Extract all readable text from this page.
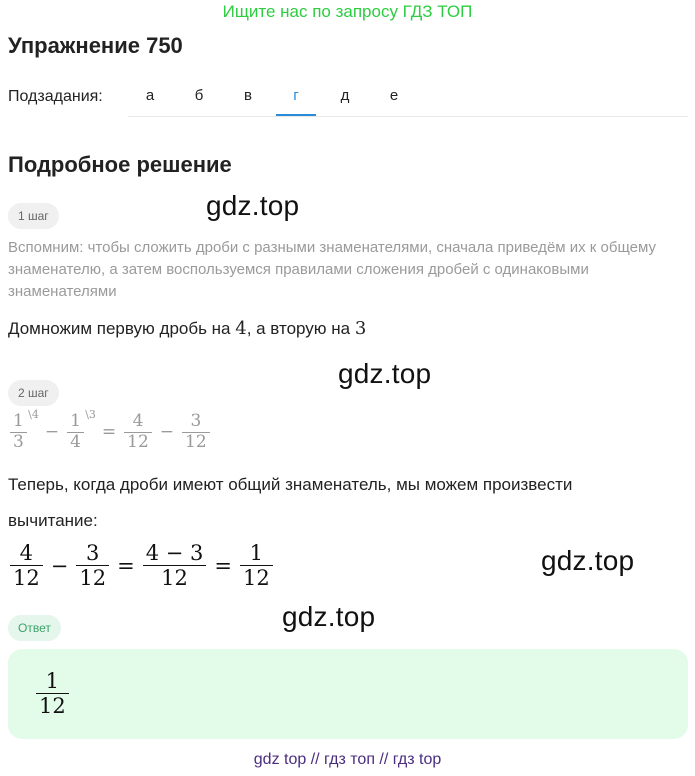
Ищите нас по запросу ГДЗ ТОП
Упражнение 750
Подзадания:	а	б	в	г	д	е
Подробное решение
1 шаг	gdz.top
Вспомним: чтобы сложить дроби с разными знаменателями, сначала приведём их к общему знаменателю, а затем воспользуемся правилами сложения дробей с одинаковыми знаменателями
Домножим первую дробь на 4, а вторую на 3
gdz.top
2 шаг
1
3
\4
−
1
4
\3
= $\frac{4}{12} - \frac{3}{12}$
Теперь, когда дроби имеют общий знаменатель, мы можем произвести
вычитание:
$\frac{4}{12} - \frac{3}{12} = \frac{4 - 3}{12} = \frac{1}{12}$	gdz.top
gdz.top
Ответ
$\frac{1}{12}$
gdz top // гдз топ // гдз top
